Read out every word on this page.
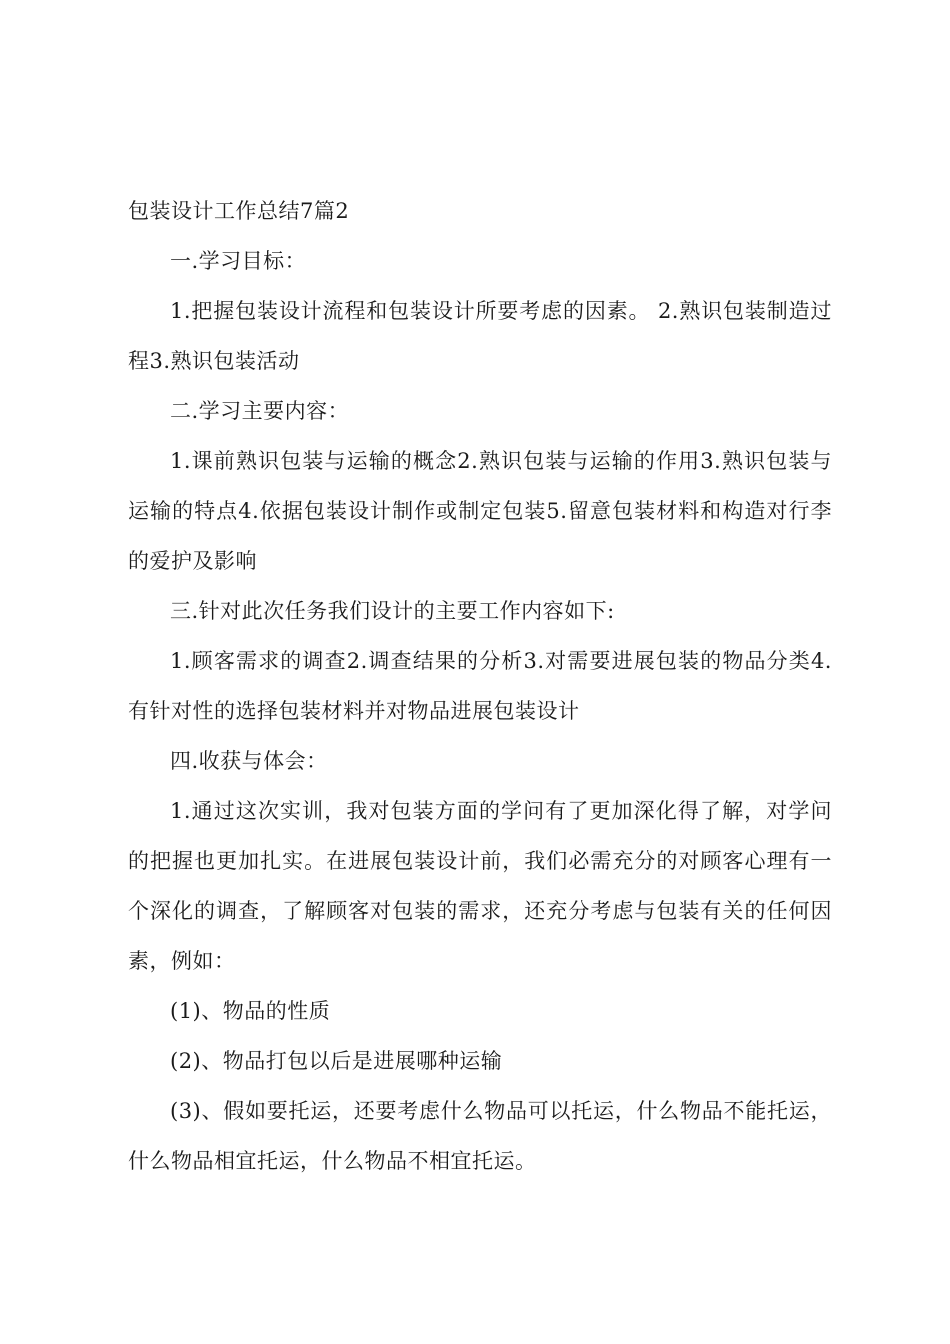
包装设计工作总结7篇2

一.学习目标：

1.把握包装设计流程和包装设计所要考虑的因素。 2.熟识包装制造过程3.熟识包装活动

二.学习主要内容：

1.课前熟识包装与运输的概念2.熟识包装与运输的作用3.熟识包装与运输的特点4.依据包装设计制作或制定包装5.留意包装材料和构造对行李的爱护及影响

三.针对此次任务我们设计的主要工作内容如下:

1.顾客需求的调查2.调查结果的分析3.对需要进展包装的物品分类4.有针对性的选择包装材料并对物品进展包装设计

四.收获与体会：

1.通过这次实训，我对包装方面的学问有了更加深化得了解，对学问的把握也更加扎实。在进展包装设计前，我们必需充分的对顾客心理有一个深化的调查，了解顾客对包装的需求，还充分考虑与包装有关的任何因素，例如：

(1)、物品的性质

(2)、物品打包以后是进展哪种运输

(3)、假如要托运，还要考虑什么物品可以托运，什么物品不能托运，什么物品相宜托运，什么物品不相宜托运。
